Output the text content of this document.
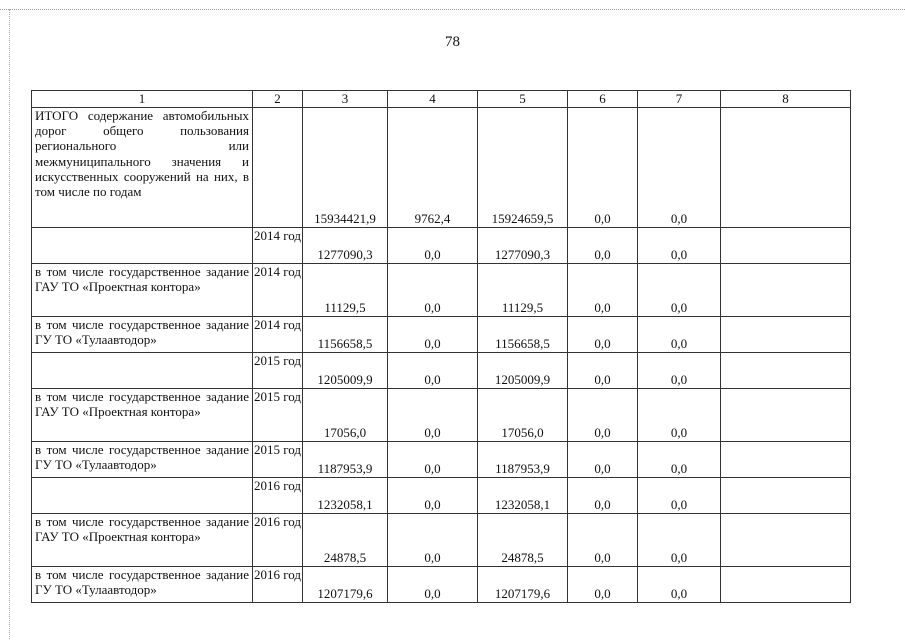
78
1	2	3	4	5	6	7	8
ИТОГО содержание автомобильных дорог общего пользования регионального или межмуниципального значения и искусственных сооружений на них, в том числе по годам		15934421,9	9762,4	15924659,5	0,0	0,0	
	2014 год	1277090,3	0,0	1277090,3	0,0	0,0	
в том числе государственное задание ГАУ ТО «Проектная контора»	2014 год	11129,5	0,0	11129,5	0,0	0,0	
в том числе государственное задание ГУ ТО «Тулаавтодор»	2014 год	1156658,5	0,0	1156658,5	0,0	0,0	
	2015 год	1205009,9	0,0	1205009,9	0,0	0,0	
в том числе государственное задание ГАУ ТО «Проектная контора»	2015 год	17056,0	0,0	17056,0	0,0	0,0	
в том числе государственное задание ГУ ТО «Тулаавтодор»	2015 год	1187953,9	0,0	1187953,9	0,0	0,0	
	2016 год	1232058,1	0,0	1232058,1	0,0	0,0	
в том числе государственное задание ГАУ ТО «Проектная контора»	2016 год	24878,5	0,0	24878,5	0,0	0,0	
в том числе государственное задание ГУ ТО «Тулаавтодор»	2016 год	1207179,6	0,0	1207179,6	0,0	0,0	
